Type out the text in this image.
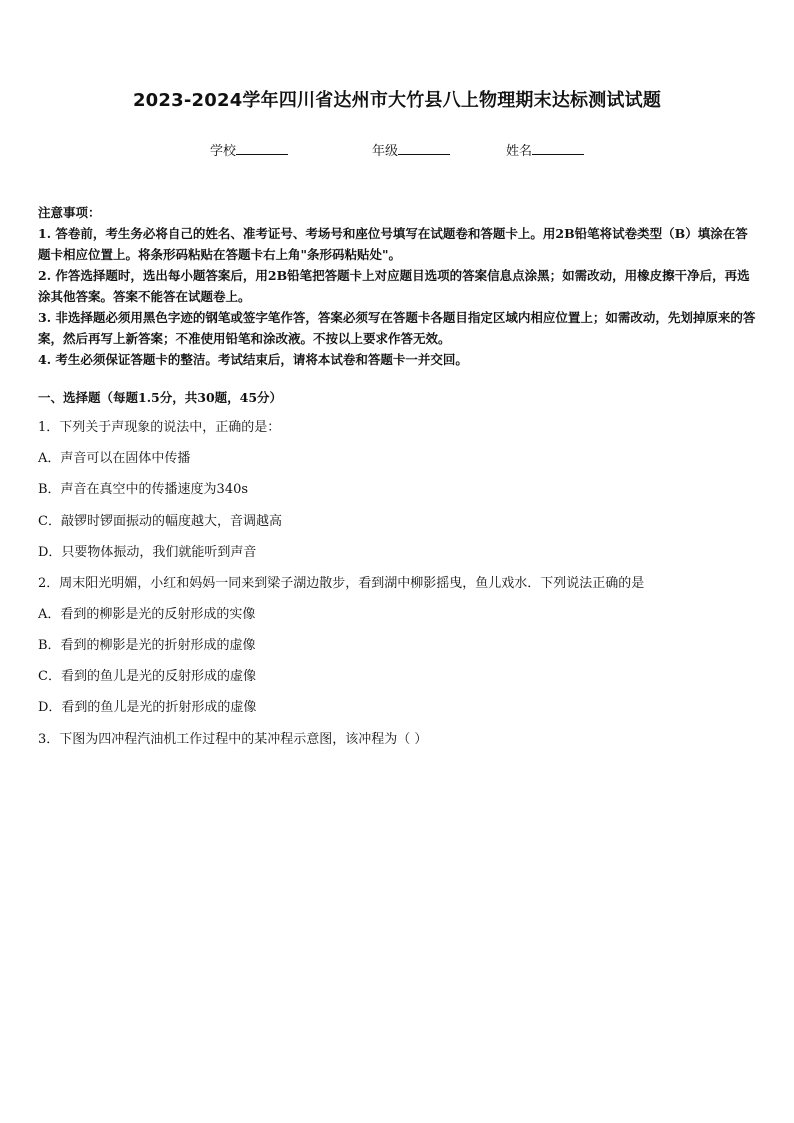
2023-2024学年四川省达州市大竹县八上物理期末达标测试试题
学校	年级	姓名

注意事项：

1. 答卷前，考生务必将自己的姓名、准考证号、考场号和座位号填写在试题卷和答题卡上。用2B铅笔将试卷类型（B）填涂在答题卡相应位置上。将条形码粘贴在答题卡右上角"条形码粘贴处"。

2. 作答选择题时，选出每小题答案后，用2B铅笔把答题卡上对应题目选项的答案信息点涂黑；如需改动，用橡皮擦干净后，再选涂其他答案。答案不能答在试题卷上。

3. 非选择题必须用黑色字迹的钢笔或签字笔作答，答案必须写在答题卡各题目指定区域内相应位置上；如需改动，先划掉原来的答案，然后再写上新答案；不准使用铅笔和涂改液。不按以上要求作答无效。

4. 考生必须保证答题卡的整洁。考试结束后，请将本试卷和答题卡一并交回。

一、选择题（每题1.5分，共30题，45分）
1．下列关于声现象的说法中，正确的是：
A．声音可以在固体中传播
B．声音在真空中的传播速度为340s
C．敲锣时锣面振动的幅度越大，音调越高
D．只要物体振动，我们就能听到声音
2．周末阳光明媚，小红和妈妈一同来到梁子湖边散步，看到湖中柳影摇曳，鱼儿戏水．下列说法正确的是
A．看到的柳影是光的反射形成的实像
B．看到的柳影是光的折射形成的虚像
C．看到的鱼儿是光的反射形成的虚像
D．看到的鱼儿是光的折射形成的虚像
3．下图为四冲程汽油机工作过程中的某冲程示意图，该冲程为（ ）
